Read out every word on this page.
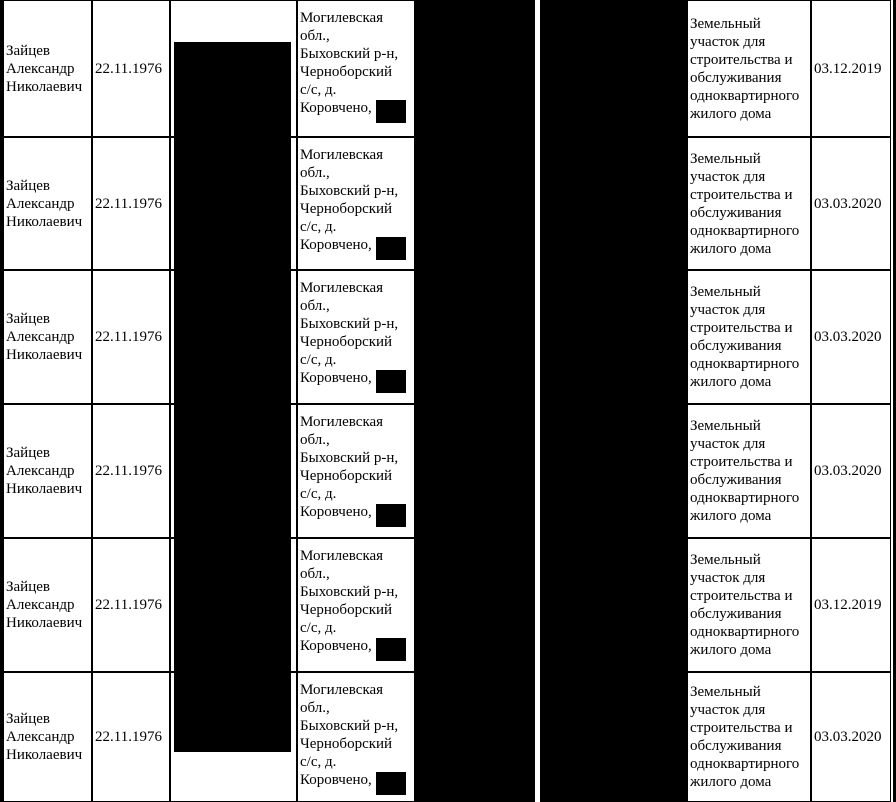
Зайцев
Александр
Николаевич
22.11.1976
Могилевская
обл.,
Быховский р-н,
Черноборский
с/с, д.
Коровчено,
Земельный
участок для
строительства и
обслуживания
одноквартирного
жилого дома
03.12.2019
Зайцев
Александр
Николаевич
22.11.1976
Могилевская
обл.,
Быховский р-н,
Черноборский
с/с, д.
Коровчено,
Земельный
участок для
строительства и
обслуживания
одноквартирного
жилого дома
03.03.2020
Зайцев
Александр
Николаевич
22.11.1976
Могилевская
обл.,
Быховский р-н,
Черноборский
с/с, д.
Коровчено,
Земельный
участок для
строительства и
обслуживания
одноквартирного
жилого дома
03.03.2020
Зайцев
Александр
Николаевич
22.11.1976
Могилевская
обл.,
Быховский р-н,
Черноборский
с/с, д.
Коровчено,
Земельный
участок для
строительства и
обслуживания
одноквартирного
жилого дома
03.03.2020
Зайцев
Александр
Николаевич
22.11.1976
Могилевская
обл.,
Быховский р-н,
Черноборский
с/с, д.
Коровчено,
Земельный
участок для
строительства и
обслуживания
одноквартирного
жилого дома
03.12.2019
Зайцев
Александр
Николаевич
22.11.1976
Могилевская
обл.,
Быховский р-н,
Черноборский
с/с, д.
Коровчено,
Земельный
участок для
строительства и
обслуживания
одноквартирного
жилого дома
03.03.2020
